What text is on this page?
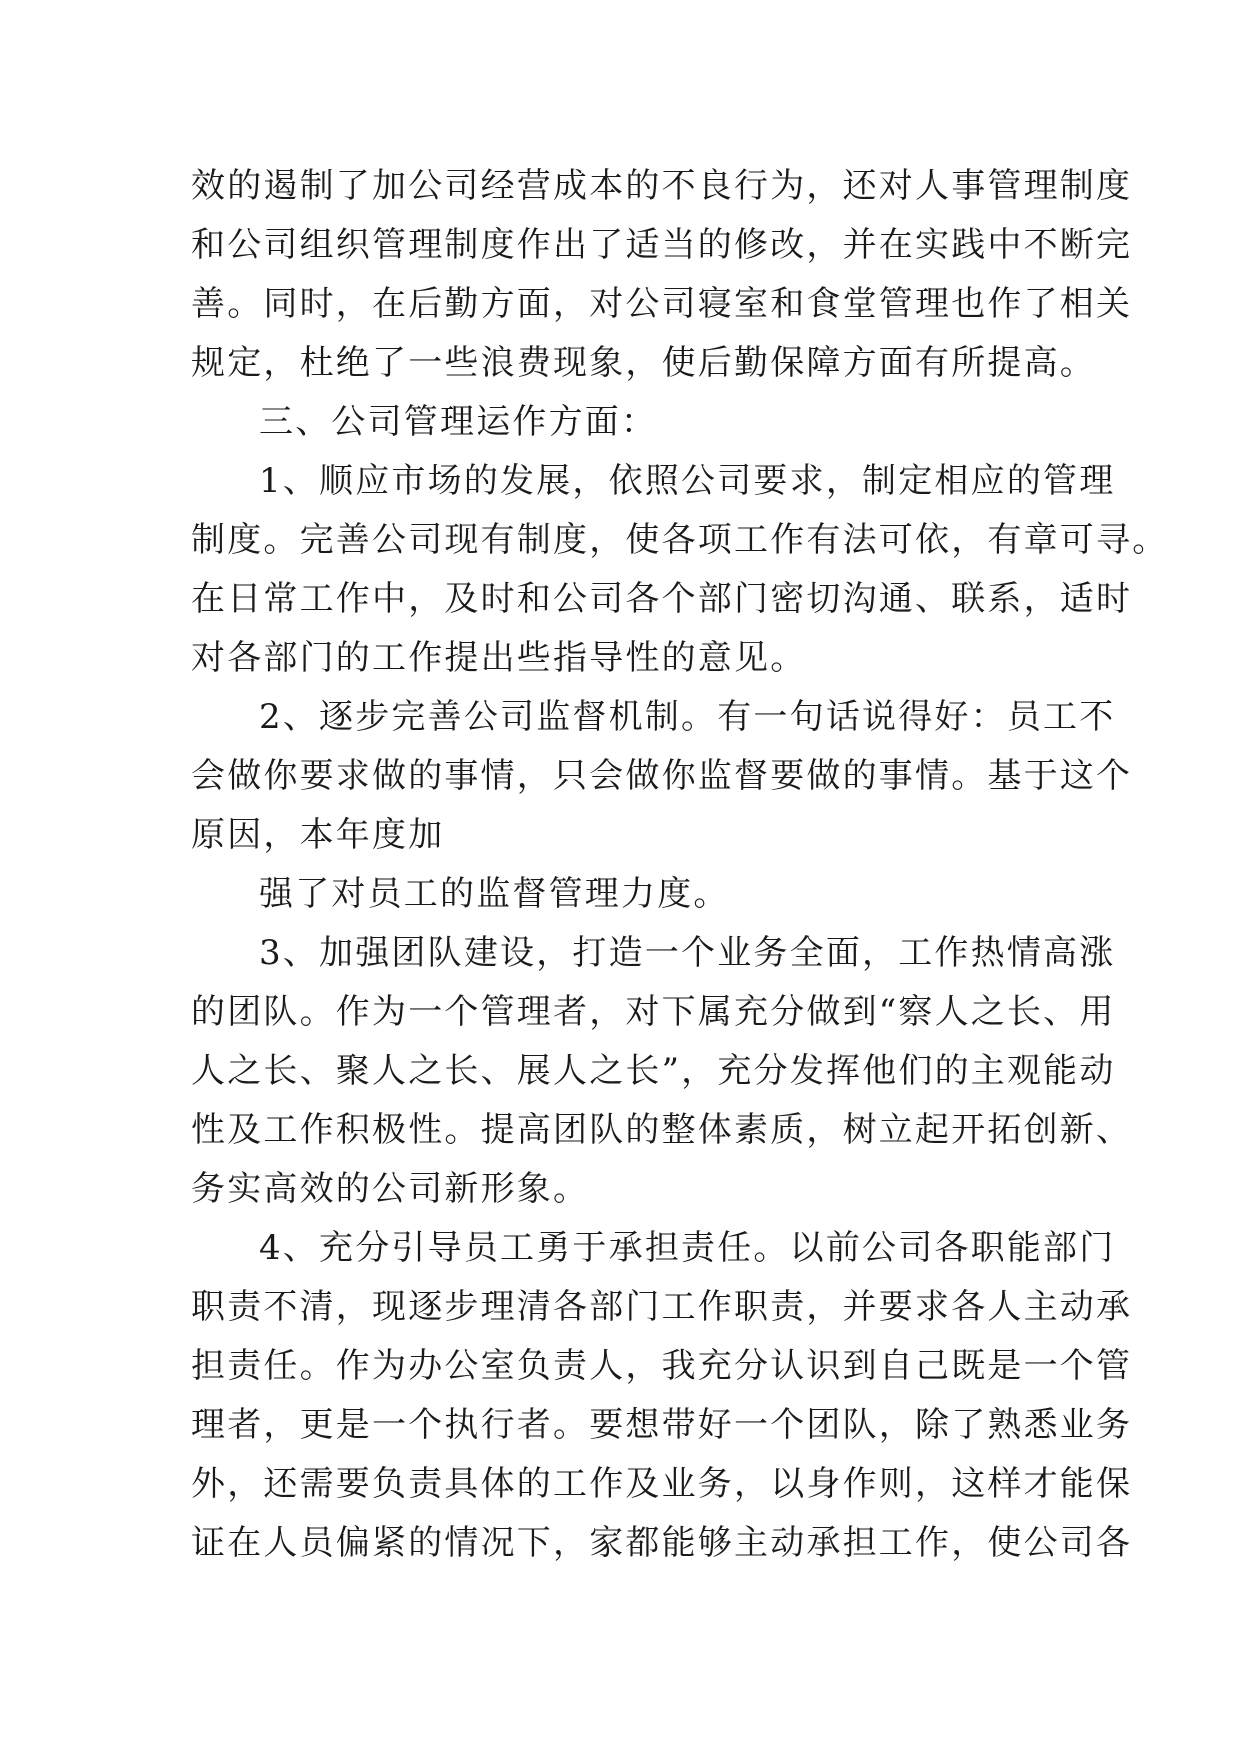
效的遏制了加公司经营成本的不良行为，还对人事管理制度
和公司组织管理制度作出了适当的修改，并在实践中不断完
善。同时，在后勤方面，对公司寝室和食堂管理也作了相关
规定，杜绝了一些浪费现象，使后勤保障方面有所提高。
三、公司管理运作方面：
1、顺应市场的发展，依照公司要求，制定相应的管理
制度。完善公司现有制度，使各项工作有法可依，有章可寻。
在日常工作中，及时和公司各个部门密切沟通、联系，适时
对各部门的工作提出些指导性的意见。
2、逐步完善公司监督机制。有一句话说得好：员工不
会做你要求做的事情，只会做你监督要做的事情。基于这个
原因，本年度加
强了对员工的监督管理力度。
3、加强团队建设，打造一个业务全面，工作热情高涨
的团队。作为一个管理者，对下属充分做到“察人之长、用
人之长、聚人之长、展人之长”，充分发挥他们的主观能动
性及工作积极性。提高团队的整体素质，树立起开拓创新、
务实高效的公司新形象。
4、充分引导员工勇于承担责任。以前公司各职能部门
职责不清，现逐步理清各部门工作职责，并要求各人主动承
担责任。作为办公室负责人，我充分认识到自己既是一个管
理者，更是一个执行者。要想带好一个团队，除了熟悉业务
外，还需要负责具体的工作及业务，以身作则，这样才能保
证在人员偏紧的情况下，家都能够主动承担工作，使公司各
